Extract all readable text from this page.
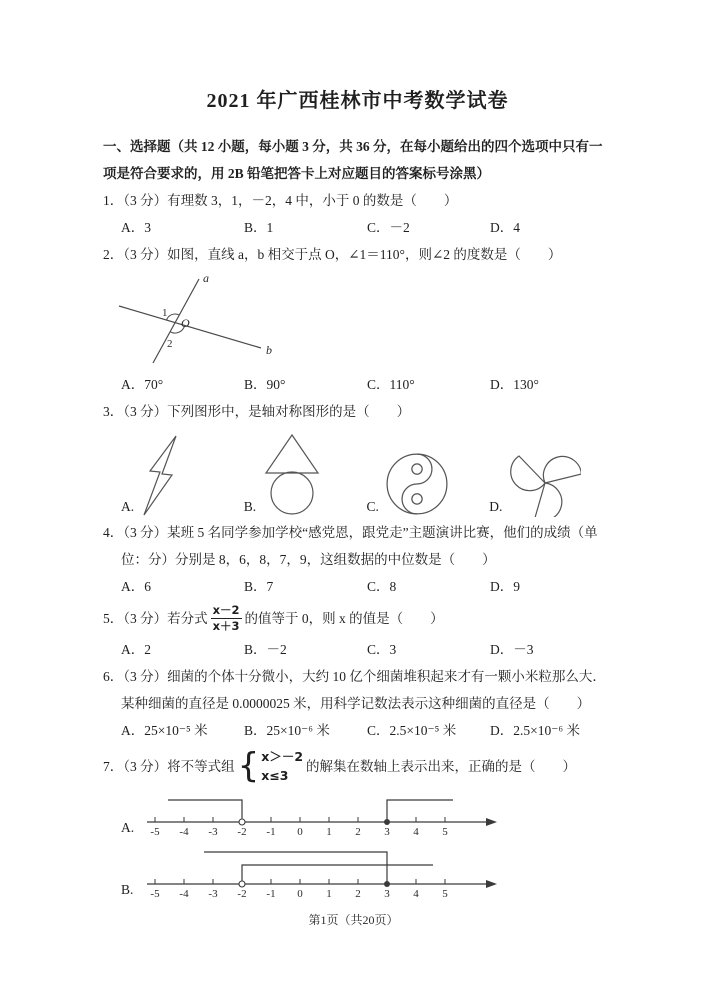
2021 年广西桂林市中考数学试卷

一、选择题（共 12 小题，每小题 3 分，共 36 分，在每小题给出的四个选项中只有一项是符合要求的，用 2B 铅笔把答卡上对应题目的答案标号涂黑）

1．（3 分）有理数 3，1，－2，4 中，小于 0 的数是（　　）

A．3	B．1	C．－2	D．4

2．（3 分）如图，直线 a，b 相交于点 O，∠1＝110°，则∠2 的度数是（　　）

a
b
O
1
2
A．70°	B．90°	C．110°	D．130°

3．（3 分）下列图形中，是轴对称图形的是（　　）

A.	B.	C.	D.

4．（3 分）某班 5 名同学参加学校“感党恩，跟党走”主题演讲比赛，他们的成绩（单位：分）分别是 8，6，8，7，9，这组数据的中位数是（　　）

A．6	B．7	C．8	D．9
5．（3 分）若分式 $\frac{x-2}{x+3}$ 的值等于 0，则 x 的值是（　　）
A．2	B．－2	C．3	D．－3

6．（3 分）细菌的个体十分微小，大约 10 亿个细菌堆积起来才有一颗小米粒那么大．某种细菌的直径是 0.0000025 米，用科学记数法表示这种细菌的直径是（　　）

A．25×10⁻⁵ 米	B．25×10⁻⁶ 米	C．2.5×10⁻⁵ 米	D．2.5×10⁻⁶ 米
7．（3 分）将不等式组 { x＞－2
x≤3
的解集在数轴上表示出来，正确的是（　　）
A.	-5 -4 -3 -2 -1 0 1 2 3 4 5
B.	-5 -4 -3 -2 -1 0 1 2 3 4 5
第1页（共20页）
